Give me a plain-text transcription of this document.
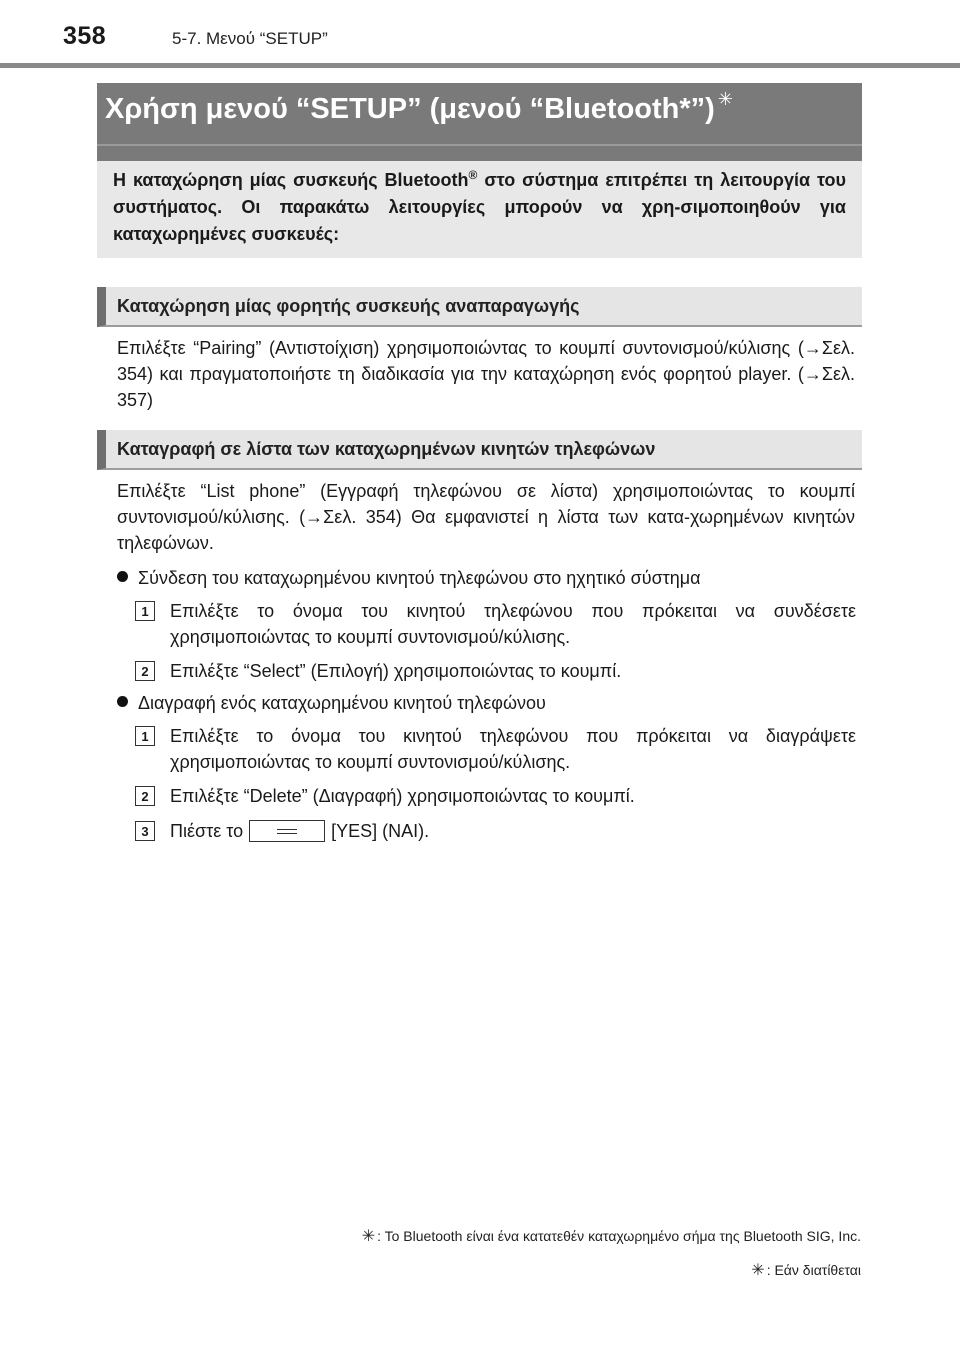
358	5-7. Μενού “SETUP”
Χρήση μενού “SETUP” (μενού “Bluetooth*”) ✳
Η καταχώρηση μίας συσκευής Bluetooth® στο σύστημα επιτρέπει τη λειτουργία του συστήματος. Οι παρακάτω λειτουργίες μπορούν να χρη-σιμοποιηθούν για καταχωρημένες συσκευές:
Καταχώρηση μίας φορητής συσκευής αναπαραγωγής
Επιλέξτε “Pairing” (Αντιστοίχιση) χρησιμοποιώντας το κουμπί συντονισμού/κύλισης (→Σελ. 354) και πραγματοποιήστε τη διαδικασία για την καταχώρηση ενός φορητού player. (→Σελ. 357)
Καταγραφή σε λίστα των καταχωρημένων κινητών τηλεφώνων
Επιλέξτε “List phone” (Εγγραφή τηλεφώνου σε λίστα) χρησιμοποιώντας το κουμπί συντονισμού/κύλισης. (→Σελ. 354) Θα εμφανιστεί η λίστα των κατα-χωρημένων κινητών τηλεφώνων.
Σύνδεση του καταχωρημένου κινητού τηλεφώνου στο ηχητικό σύστημα
1	Επιλέξτε το όνομα του κινητού τηλεφώνου που πρόκειται να συνδέσετε χρησιμοποιώντας το κουμπί συντονισμού/κύλισης.
2	Επιλέξτε “Select” (Επιλογή) χρησιμοποιώντας το κουμπί.
Διαγραφή ενός καταχωρημένου κινητού τηλεφώνου
1	Επιλέξτε το όνομα του κινητού τηλεφώνου που πρόκειται να διαγράψετε χρησιμοποιώντας το κουμπί συντονισμού/κύλισης.
2	Επιλέξτε “Delete” (Διαγραφή) χρησιμοποιώντας το κουμπί.
3	Πιέστε το	[YES] (ΝΑΙ).
✳ : Το Bluetooth είναι ένα κατατεθέν καταχωρημένο σήμα της Bluetooth SIG, Inc.
✳ : Εάν διατίθεται
